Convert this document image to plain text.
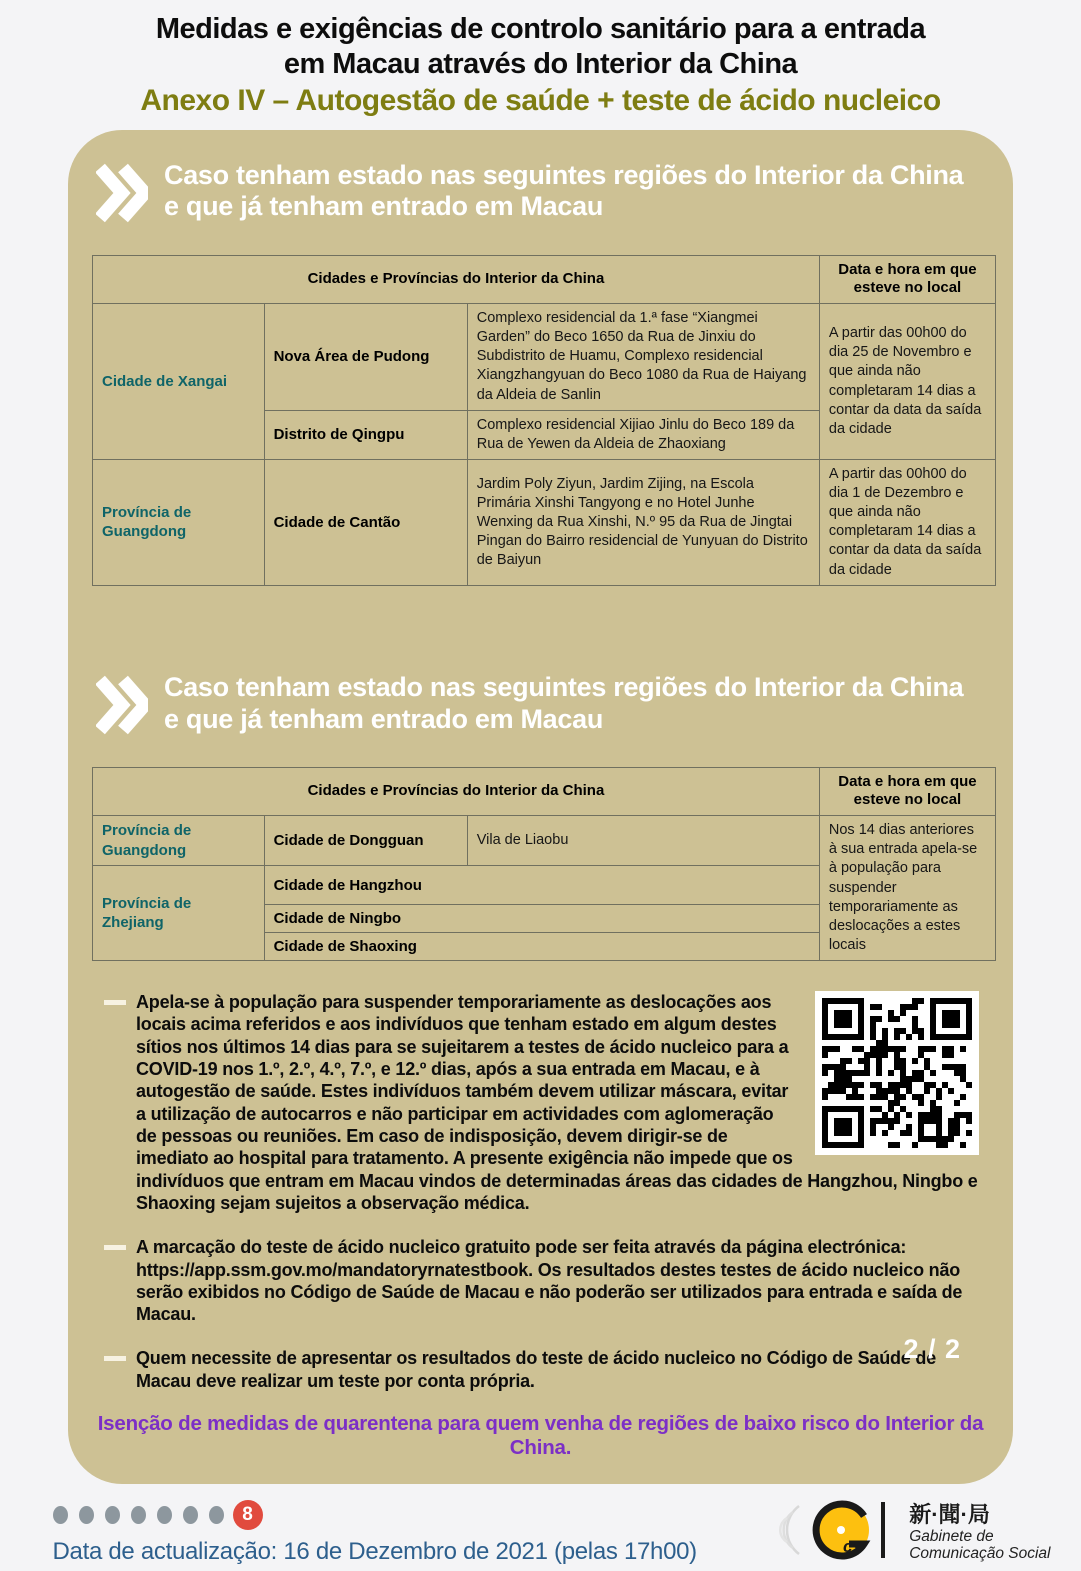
Medidas e exigências de controlo sanitário para a entrada
em Macau através do Interior da China
Anexo IV – Autogestão de saúde + teste de ácido nucleico
Caso tenham estado nas seguintes regiões do Interior da China e que já tenham entrado em Macau
Cidades e Províncias do Interior da China			Data e hora em que esteve no local
Cidade de Xangai	Nova Área de Pudong	Complexo residencial da 1.ª fase “Xiangmei Garden” do Beco 1650 da Rua de Jinxiu do Subdistrito de Huamu, Complexo residencial Xiangzhangyuan do Beco 1080 da Rua de Haiyang da Aldeia de Sanlin	A partir das 00h00 do dia 25 de Novembro e que ainda não completaram 14 dias a contar da data da saída da cidade
	Distrito de Qingpu	Complexo residencial Xijiao Jinlu do Beco 189 da Rua de Yewen da Aldeia de Zhaoxiang	
Província de Guangdong	Cidade de Cantão	Jardim Poly Ziyun, Jardim Zijing, na Escola Primária Xinshi Tangyong e no Hotel Junhe Wenxing da Rua Xinshi, N.º 95 da Rua de Jingtai Pingan do Bairro residencial de Yunyuan do Distrito de Baiyun	A partir das 00h00 do dia 1 de Dezembro e que ainda não completaram 14 dias a contar da data da saída da cidade
Caso tenham estado nas seguintes regiões do Interior da China e que já tenham entrado em Macau
Cidades e Províncias do Interior da China			Data e hora em que esteve no local
Província de Guangdong	Cidade de Dongguan	Vila de Liaobu	Nos 14 dias anteriores à sua entrada apela-se à população para suspender temporariamente as deslocações a estes locais
Província de Zhejiang	Cidade de Hangzhou		
	Cidade de Ningbo		
	Cidade de Shaoxing		
Apela-se à população para suspender temporariamente as deslocações aos locais acima referidos e aos indivíduos que tenham estado em algum destes sítios nos últimos 14 dias para se sujeitarem a testes de ácido nucleico para a COVID-19 nos 1.º, 2.º, 4.º, 7.º, e 12.º dias, após a sua entrada em Macau, e à autogestão de saúde. Estes indivíduos também devem utilizar máscara, evitar a utilização de autocarros e não participar em actividades com aglomeração de pessoas ou reuniões. Em caso de indisposição, devem dirigir-se de imediato ao hospital para tratamento. A presente exigência não impede que os indivíduos que entram em Macau vindos de determinadas áreas das cidades de Hangzhou, Ningbo e Shaoxing sejam sujeitos a observação médica.
A marcação do teste de ácido nucleico gratuito pode ser feita através da página electrónica: https://app.ssm.gov.mo/mandatoryrnatestbook. Os resultados destes testes de ácido nucleico não serão exibidos no Código de Saúde de Macau e não poderão ser utilizados para entrada e saída de Macau.
Quem necessite de apresentar os resultados do teste de ácido nucleico no Código de Saúde de Macau deve realizar um teste por conta própria.
2 / 2
Isenção de medidas de quarentena para quem venha de regiões de baixo risco do Interior da China.
8
Data de actualização: 16 de Dezembro de 2021 (pelas 17h00)	cs
新·聞·局
Gabinete de
Comunicação Social
